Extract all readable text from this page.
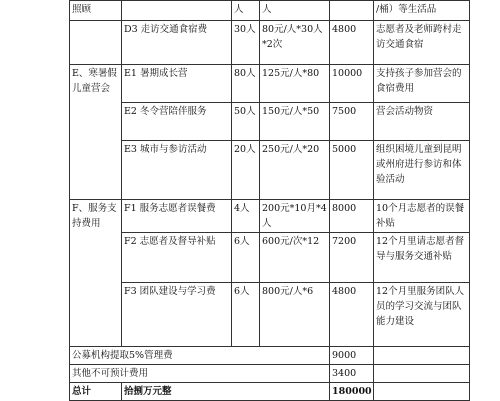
照顾		人	人		/桶）等生活品
	D3 走访交通食宿费	30人	80元/人*30人*2次	4800	志愿者及老师跨村走访交通食宿
E、寒暑假儿童营会	E1 暑期成长营	80人	125元/人*80	10000	支持孩子参加营会的食宿费用
	E2 冬令营陪伴服务	50人	150元/人*50	7500	营会活动物资
	E3 城市与参访活动	20人	250元/人*20	5000	组织困境儿童到昆明或州府进行参访和体验活动
F、服务支持费用	F1 服务志愿者误餐费	4人	200元*10月*4人	8000	10个月志愿者的误餐补贴
	F2 志愿者及督导补贴	6人	600元/次*12	7200	12个月里请志愿者督导与服务交通补贴
	F3 团队建设与学习费	6人	800元/人*6	4800	12个月里服务团队人员的学习交流与团队能力建设
公募机构提取5%管理费				9000	
其他不可预计费用				3400	
总计	拾捌万元整			180000	
